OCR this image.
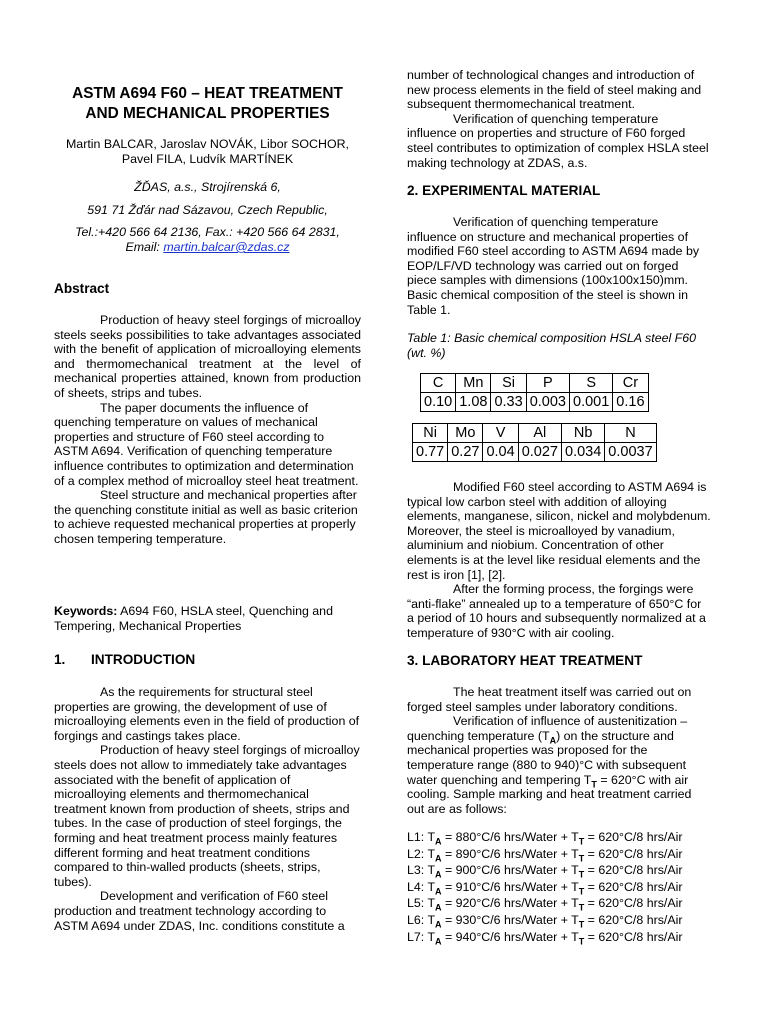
ASTM A694 F60 – HEAT TREATMENT AND MECHANICAL PROPERTIES
Martin BALCAR, Jaroslav NOVÁK, Libor SOCHOR, Pavel FILA, Ludvík MARTÍNEK
ŽĎAS, a.s., Strojírenská 6,
591 71 Žďár nad Sázavou, Czech Republic,
Tel.:+420 566 64 2136, Fax.: +420 566 64 2831,
Email: martin.balcar@zdas.cz
Abstract

Production of heavy steel forgings of microalloy steels seeks possibilities to take advantages associated with the benefit of application of microalloying elements and thermomechanical treatment at the level of mechanical properties attained, known from production of sheets, strips and tubes.

The paper documents the influence of quenching temperature on values of mechanical properties and structure of F60 steel according to ASTM A694. Verification of quenching temperature influence contributes to optimization and determination of a complex method of microalloy steel heat treatment.

Steel structure and mechanical properties after the quenching constitute initial as well as basic criterion to achieve requested mechanical properties at properly chosen tempering temperature.

Keywords: A694 F60, HSLA steel, Quenching and Tempering, Mechanical Properties
1. INTRODUCTION

As the requirements for structural steel properties are growing, the development of use of microalloying elements even in the field of production of forgings and castings takes place.

Production of heavy steel forgings of microalloy steels does not allow to immediately take advantages associated with the benefit of application of microalloying elements and thermomechanical treatment known from production of sheets, strips and tubes. In the case of production of steel forgings, the forming and heat treatment process mainly features different forming and heat treatment conditions compared to thin-walled products (sheets, strips, tubes).

Development and verification of F60 steel production and treatment technology according to ASTM A694 under ZDAS, Inc. conditions constitute a

number of technological changes and introduction of new process elements in the field of steel making and subsequent thermomechanical treatment.

Verification of quenching temperature influence on properties and structure of F60 forged steel contributes to optimization of complex HSLA steel making technology at ZDAS, a.s.

2. EXPERIMENTAL MATERIAL

Verification of quenching temperature influence on structure and mechanical properties of modified F60 steel according to ASTM A694 made by EOP/LF/VD technology was carried out on forged piece samples with dimensions (100x100x150)mm. Basic chemical composition of the steel is shown in Table 1.

Table 1: Basic chemical composition HSLA steel F60 (wt. %)
C	Mn	Si	P	S	Cr
0.10	1.08	0.33	0.003	0.001	0.16
Ni	Mo	V	Al	Nb	N
0.77	0.27	0.04	0.027	0.034	0.0037

Modified F60 steel according to ASTM A694 is typical low carbon steel with addition of alloying elements, manganese, silicon, nickel and molybdenum. Moreover, the steel is microalloyed by vanadium, aluminium and niobium. Concentration of other elements is at the level like residual elements and the rest is iron [1], [2].

After the forming process, the forgings were “anti-flake” annealed up to a temperature of 650°C for a period of 10 hours and subsequently normalized at a temperature of 930°C with air cooling.

3. LABORATORY HEAT TREATMENT

The heat treatment itself was carried out on forged steel samples under laboratory conditions.

Verification of influence of austenitization – quenching temperature $(T_A)$ on the structure and mechanical properties was proposed for the temperature range (880 to 940)°C with subsequent water quenching and tempering $T_T = 620^\circ C$ with air cooling. Sample marking and heat treatment carried out are as follows:

L1: $T_A = 880^\circ C/6$ hrs/Water + $T_T = 620^\circ C/8$ hrs/Air
L2: $T_A = 890^\circ C/6$ hrs/Water + $T_T = 620^\circ C/8$ hrs/Air
L3: $T_A = 900^\circ C/6$ hrs/Water + $T_T = 620^\circ C/8$ hrs/Air
L4: $T_A = 910^\circ C/6$ hrs/Water + $T_T = 620^\circ C/8$ hrs/Air
L5: $T_A = 920^\circ C/6$ hrs/Water + $T_T = 620^\circ C/8$ hrs/Air
L6: $T_A = 930^\circ C/6$ hrs/Water + $T_T = 620^\circ C/8$ hrs/Air
L7: $T_A = 940^\circ C/6$ hrs/Water + $T_T = 620^\circ C/8$ hrs/Air
